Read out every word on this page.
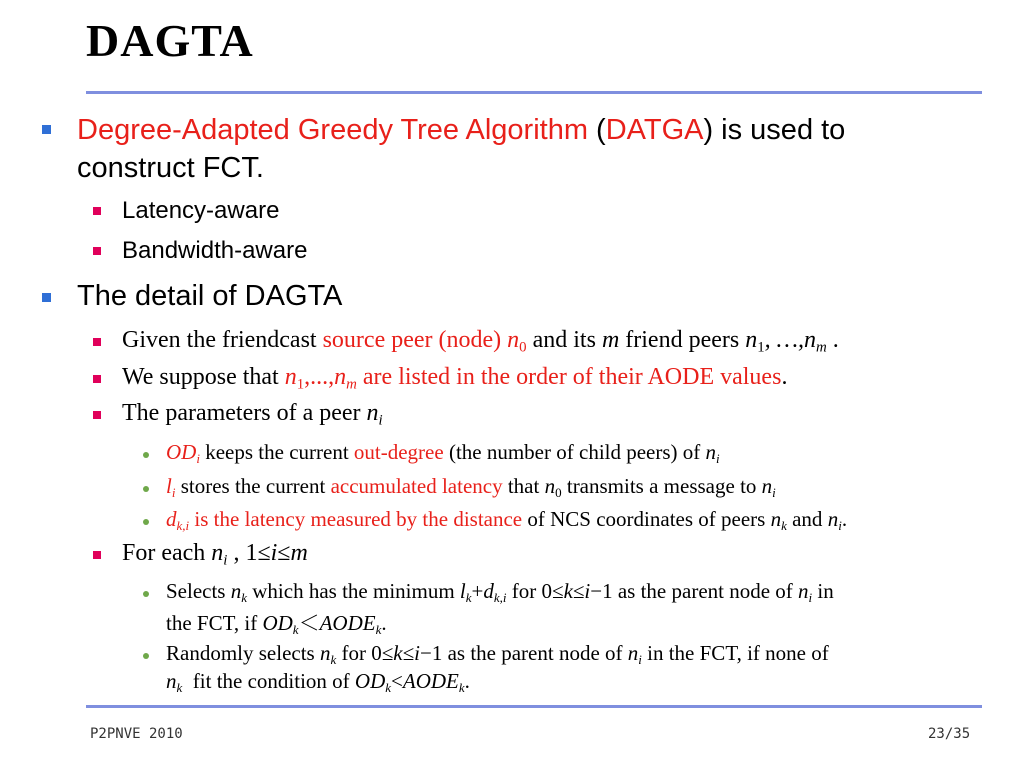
DAGTA
Degree-Adapted Greedy Tree Algorithm (DATGA) is used to
construct FCT.
Latency-aware
Bandwidth-aware
The detail of DAGTA
Given the friendcast source peer (node) $n_0$ and its m friend peers $n_1$, $\dots,n_m$ .
We suppose that $n_1,...,n_m$ are listed in the order of their AODE values.
The parameters of a peer $n_i$
$OD_i$ keeps the current out-degree (the number of child peers) of $n_i$
$l_i$ stores the current accumulated latency that $n_0$ transmits a message to $n_i$
$d_{k,i}$ is the latency measured by the distance of NCS coordinates of peers $n_k$ and $n_i$.
For each $n_i$ , 1≤i≤m
Selects $n_k$ which has the minimum $l_k+d_{k,i}$ for 0≤k≤i−1 as the parent node of $n_i$ in
the FCT, if $OD_k<AODE_k$.
Randomly selects $n_k$ for 0≤k≤i−1 as the parent node of $n_i$ in the FCT, if none of
$n_k$  fit the condition of $OD_k<AODE_k$.
P2PNVE 2010	23/35
